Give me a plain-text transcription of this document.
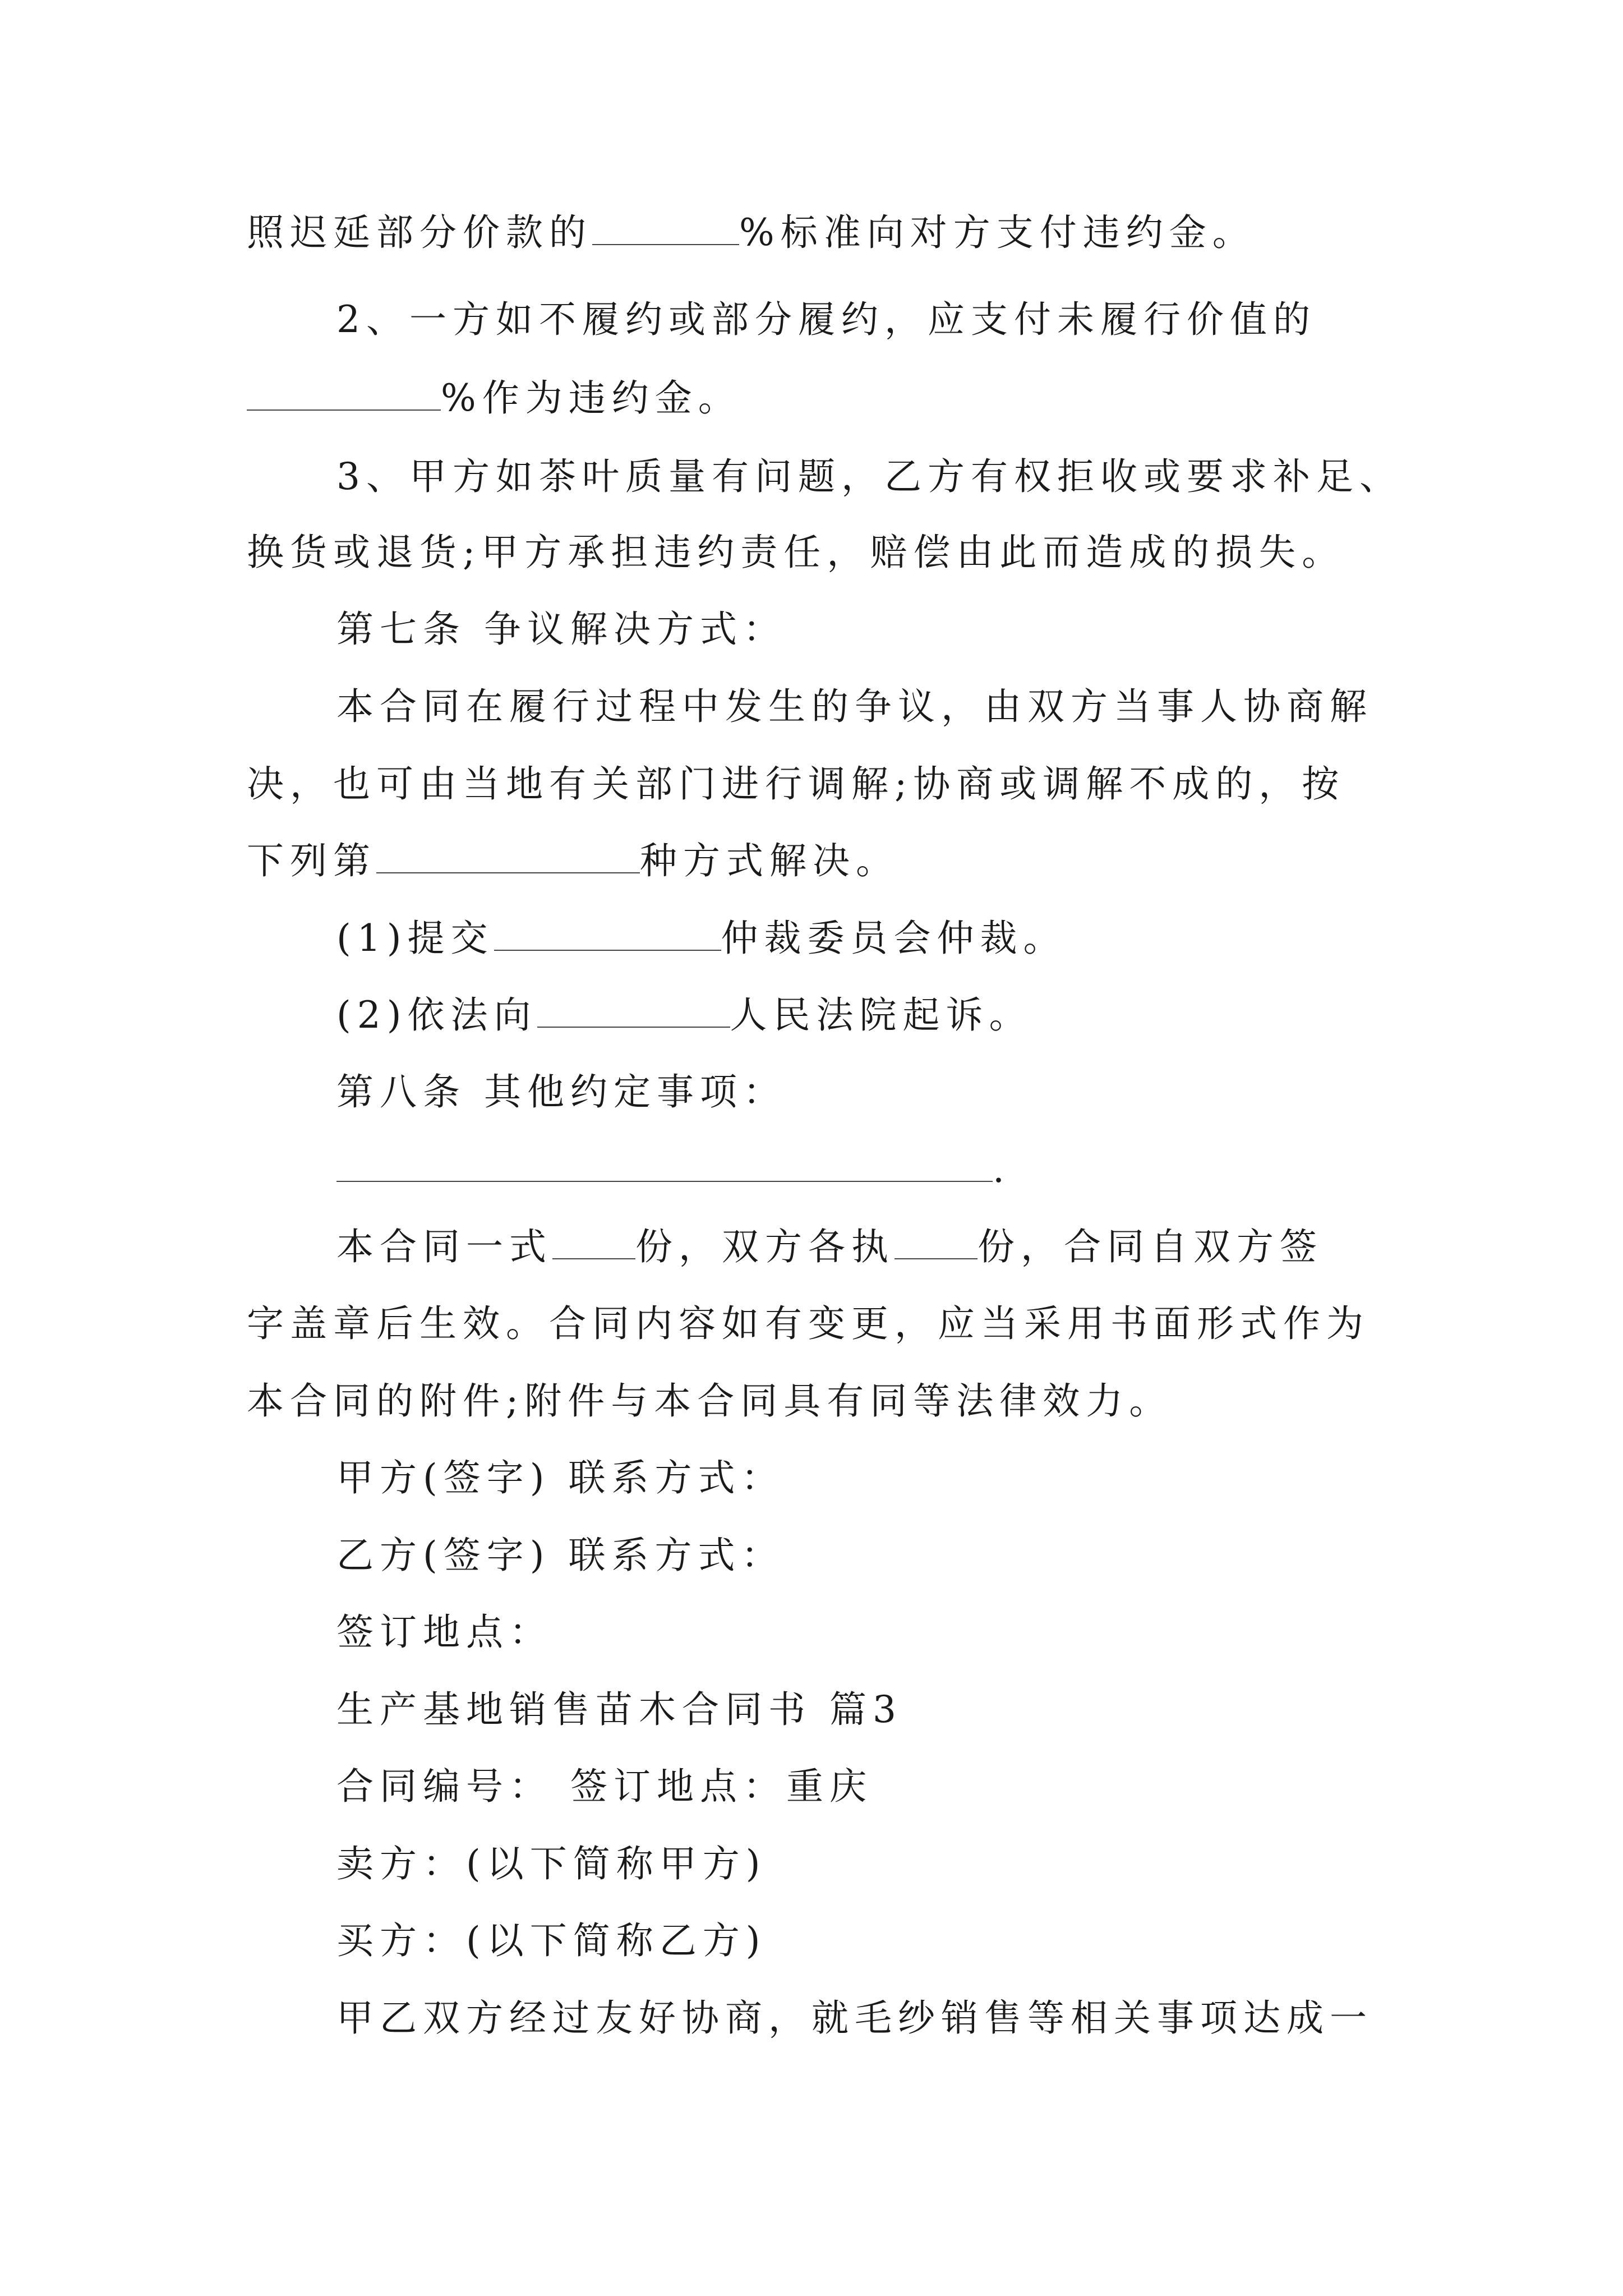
照迟延部分价款的	%标准向对方支付违约金。
2、一方如不履约或部分履约，应支付未履行价值的
%作为违约金。
3、甲方如茶叶质量有问题，乙方有权拒收或要求补足、
换货或退货;甲方承担违约责任，赔偿由此而造成的损失。
第七条 争议解决方式：
本合同在履行过程中发生的争议，由双方当事人协商解
决，也可由当地有关部门进行调解;协商或调解不成的，按
下列第	种方式解决。
(1)提交	仲裁委员会仲裁。
(2)依法向	人民法院起诉。
第八条 其他约定事项：
.
本合同一式 份，双方各执 份，合同自双方签
字盖章后生效。合同内容如有变更，应当采用书面形式作为
本合同的附件;附件与本合同具有同等法律效力。
甲方(签字) 联系方式：
乙方(签字) 联系方式：
签订地点：
生产基地销售苗木合同书 篇3
合同编号： 签订地点：重庆
卖方：(以下简称甲方)
买方：(以下简称乙方)
甲乙双方经过友好协商，就毛纱销售等相关事项达成一
